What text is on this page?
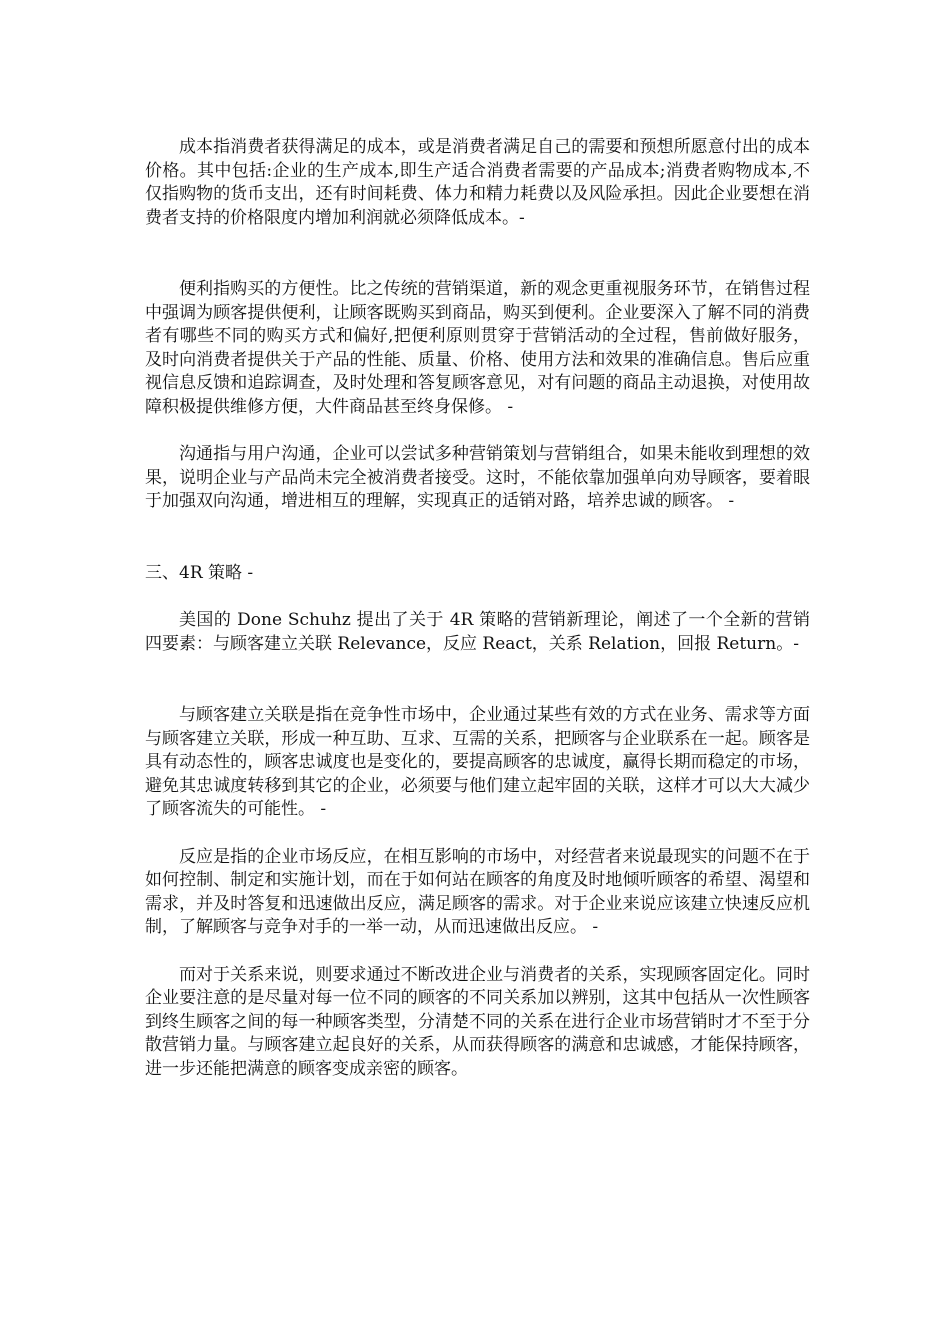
成本指消费者获得满足的成本，或是消费者满足自己的需要和预想所愿意付出的成本价格。其中包括:企业的生产成本,即生产适合消费者需要的产品成本;消费者购物成本,不仅指购物的货币支出，还有时间耗费、体力和精力耗费以及风险承担。因此企业要想在消费者支持的价格限度内增加利润就必须降低成本。-

便利指购买的方便性。比之传统的营销渠道，新的观念更重视服务环节，在销售过程中强调为顾客提供便利，让顾客既购买到商品，购买到便利。企业要深入了解不同的消费者有哪些不同的购买方式和偏好,把便利原则贯穿于营销活动的全过程，售前做好服务，及时向消费者提供关于产品的性能、质量、价格、使用方法和效果的准确信息。售后应重视信息反馈和追踪调查，及时处理和答复顾客意见，对有问题的商品主动退换，对使用故障积极提供维修方便，大件商品甚至终身保修。 -

沟通指与用户沟通，企业可以尝试多种营销策划与营销组合，如果未能收到理想的效果，说明企业与产品尚未完全被消费者接受。这时，不能依靠加强单向劝导顾客，要着眼于加强双向沟通，增进相互的理解，实现真正的适销对路，培养忠诚的顾客。 -

三、4R 策略 -

美国的 Done Schuhz 提出了关于 4R 策略的营销新理论，阐述了一个全新的营销四要素：与顾客建立关联 Relevance，反应 React，关系 Relation，回报 Return。-

与顾客建立关联是指在竞争性市场中，企业通过某些有效的方式在业务、需求等方面与顾客建立关联，形成一种互助、互求、互需的关系，把顾客与企业联系在一起。顾客是具有动态性的，顾客忠诚度也是变化的，要提高顾客的忠诚度，赢得长期而稳定的市场，避免其忠诚度转移到其它的企业，必须要与他们建立起牢固的关联，这样才可以大大减少了顾客流失的可能性。 -

反应是指的企业市场反应，在相互影响的市场中，对经营者来说最现实的问题不在于如何控制、制定和实施计划，而在于如何站在顾客的角度及时地倾听顾客的希望、渴望和需求，并及时答复和迅速做出反应，满足顾客的需求。对于企业来说应该建立快速反应机制，了解顾客与竞争对手的一举一动，从而迅速做出反应。 -

而对于关系来说，则要求通过不断改进企业与消费者的关系，实现顾客固定化。同时企业要注意的是尽量对每一位不同的顾客的不同关系加以辨别，这其中包括从一次性顾客到终生顾客之间的每一种顾客类型，分清楚不同的关系在进行企业市场营销时才不至于分散营销力量。与顾客建立起良好的关系，从而获得顾客的满意和忠诚感，才能保持顾客，进一步还能把满意的顾客变成亲密的顾客。
